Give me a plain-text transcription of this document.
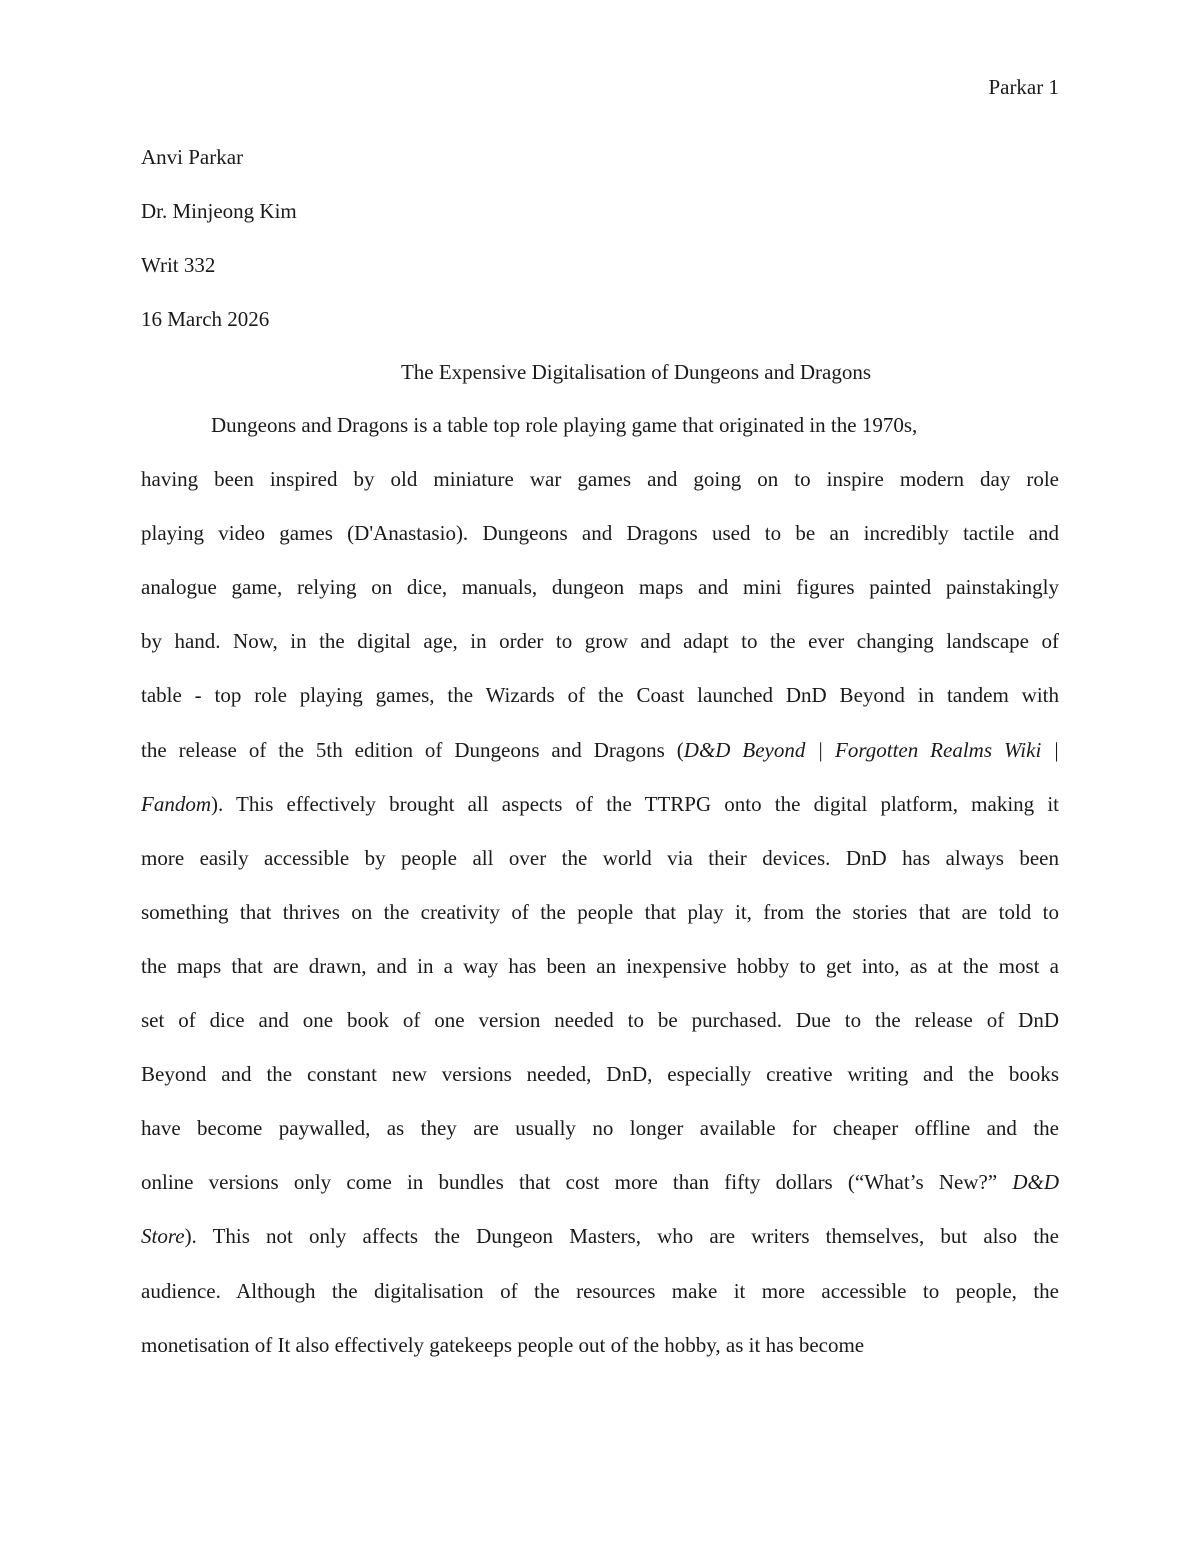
Parkar 1
Anvi Parkar
Dr. Minjeong Kim
Writ 332
16 March 2026
The Expensive Digitalisation of Dungeons and Dragons
Dungeons and Dragons is a table top role playing game that originated in the 1970s,
having been inspired by old miniature war games and going on to inspire modern day role
playing video games (D'Anastasio). Dungeons and Dragons used to be an incredibly tactile and
analogue game, relying on dice, manuals, dungeon maps and mini figures painted painstakingly
by hand. Now, in the digital age, in order to grow and adapt to the ever changing landscape of
table - top role playing games, the Wizards of the Coast launched DnD Beyond in tandem with
the release of the 5th edition of Dungeons and Dragons (D&D Beyond | Forgotten Realms Wiki |
Fandom). This effectively brought all aspects of the TTRPG onto the digital platform, making it
more easily accessible by people all over the world via their devices. DnD has always been
something that thrives on the creativity of the people that play it, from the stories that are told to
the maps that are drawn, and in a way has been an inexpensive hobby to get into, as at the most a
set of dice and one book of one version needed to be purchased. Due to the release of DnD
Beyond and the constant new versions needed, DnD, especially creative writing and the books
have become paywalled, as they are usually no longer available for cheaper offline and the
online versions only come in bundles that cost more than fifty dollars (“What’s New?” D&D
Store). This not only affects the Dungeon Masters, who are writers themselves, but also the
audience. Although the digitalisation of the resources make it more accessible to people, the
monetisation of It also effectively gatekeeps people out of the hobby, as it has become
